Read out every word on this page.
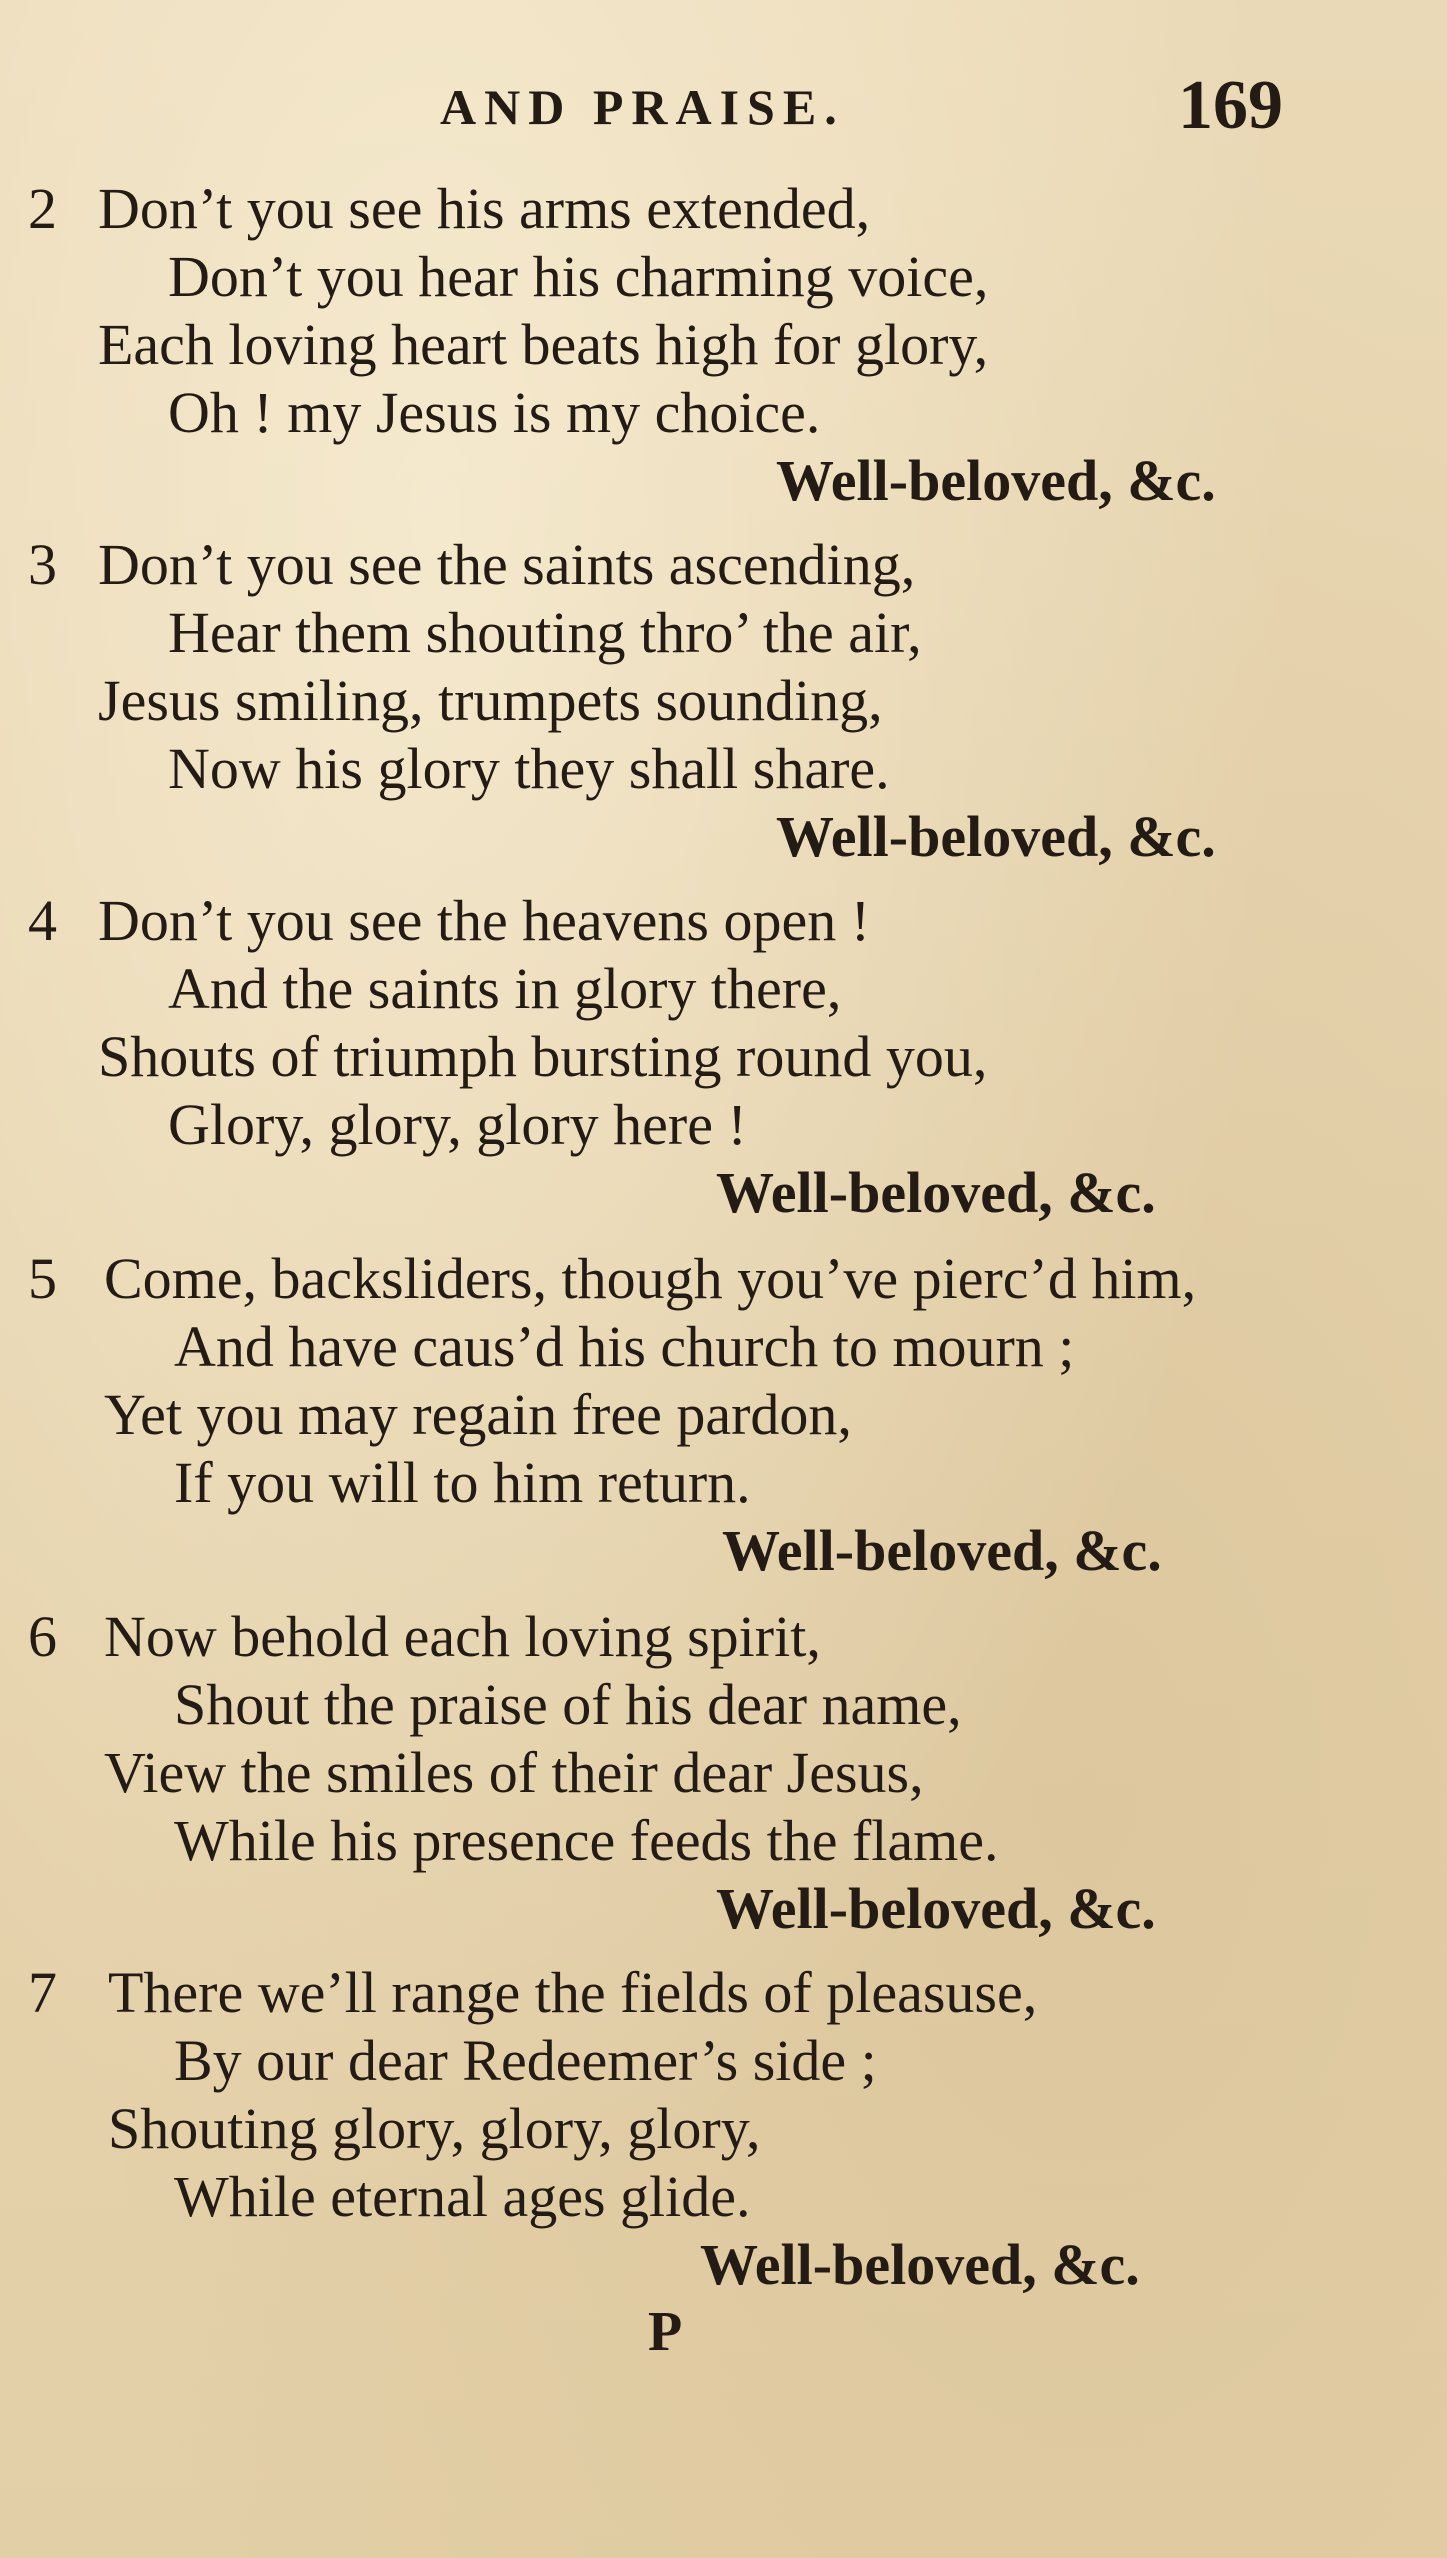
AND PRAISE.	169
2 Don’t you see his arms extended,
Don’t you hear his charming voice,
Each loving heart beats high for glory,
Oh ! my Jesus is my choice.
Well-beloved, &c.
3 Don’t you see the saints ascending,
Hear them shouting thro’ the air,
Jesus smiling, trumpets sounding,
Now his glory they shall share.
Well-beloved, &c.
4 Don’t you see the heavens open !
And the saints in glory there,
Shouts of triumph bursting round you,
Glory, glory, glory here !
Well-beloved, &c.
5 Come, backsliders, though you’ve pierc’d him,
And have caus’d his church to mourn ;
Yet you may regain free pardon,
If you will to him return.
Well-beloved, &c.
6 Now behold each loving spirit,
Shout the praise of his dear name,
View the smiles of their dear Jesus,
While his presence feeds the flame.
Well-beloved, &c.
7 There we’ll range the fields of pleasuse,
By our dear Redeemer’s side ;
Shouting glory, glory, glory,
While eternal ages glide.
Well-beloved, &c.
P
